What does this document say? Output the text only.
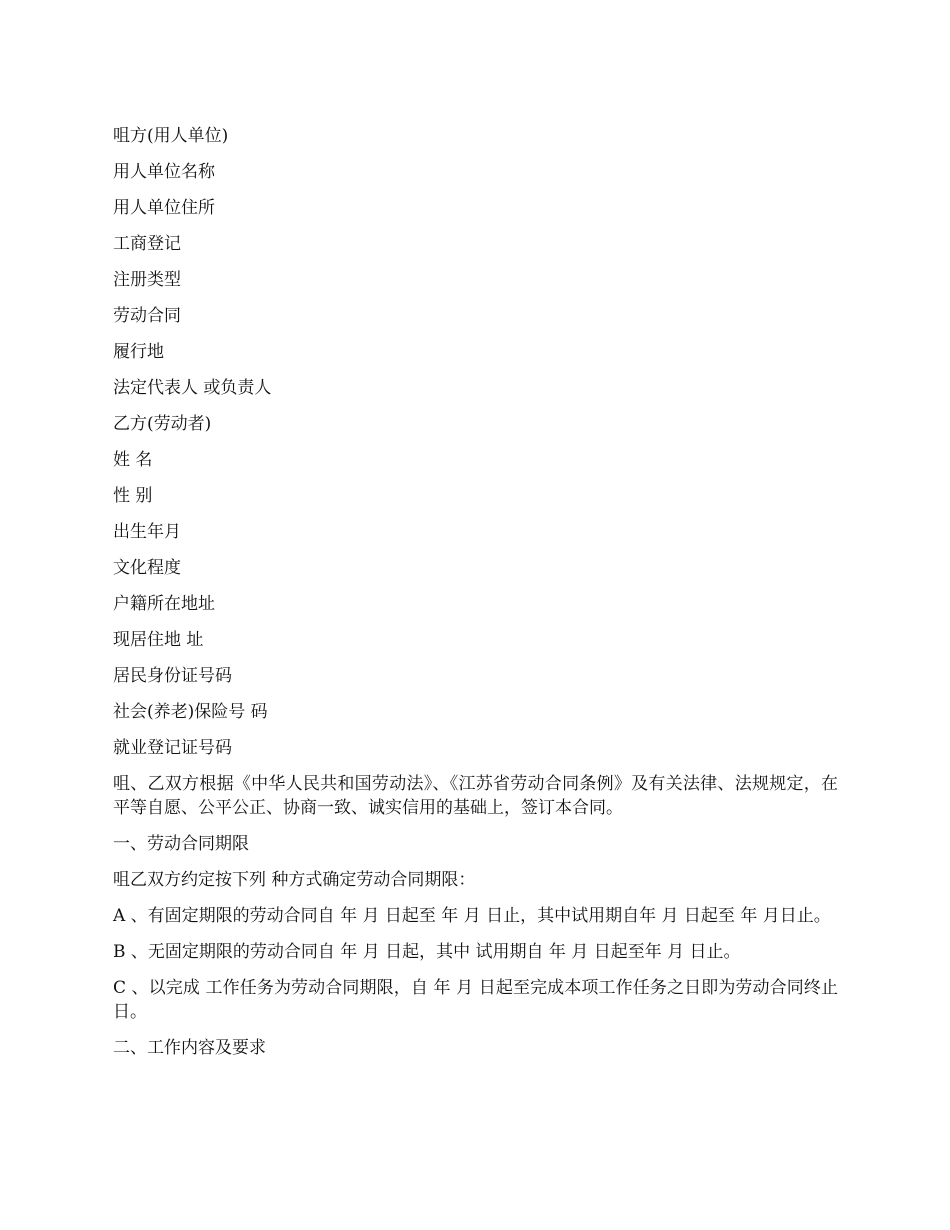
咀方(用人单位)
用人单位名称
用人单位住所
工商登记
注册类型
劳动合同
履行地
法定代表人 或负责人
乙方(劳动者)
姓 名
性 别
出生年月
文化程度
户籍所在地址
现居住地 址
居民身份证号码
社会(养老)保险号 码
就业登记证号码
咀、乙双方根据《中华人民共和国劳动法》、《江苏省劳动合同条例》及有关法律、法规规定，在平等自愿、公平公正、协商一致、诚实信用的基础上，签订本合同。
一、劳动合同期限
咀乙双方约定按下列 种方式确定劳动合同期限：
A 、有固定期限的劳动合同自 年 月 日起至 年 月 日止，其中试用期自年 月 日起至 年 月日止。
B 、无固定期限的劳动合同自 年 月 日起，其中 试用期自 年 月 日起至年 月 日止。
C 、以完成 工作任务为劳动合同期限，自 年 月 日起至完成本项工作任务之日即为劳动合同终止日。
二、工作内容及要求
